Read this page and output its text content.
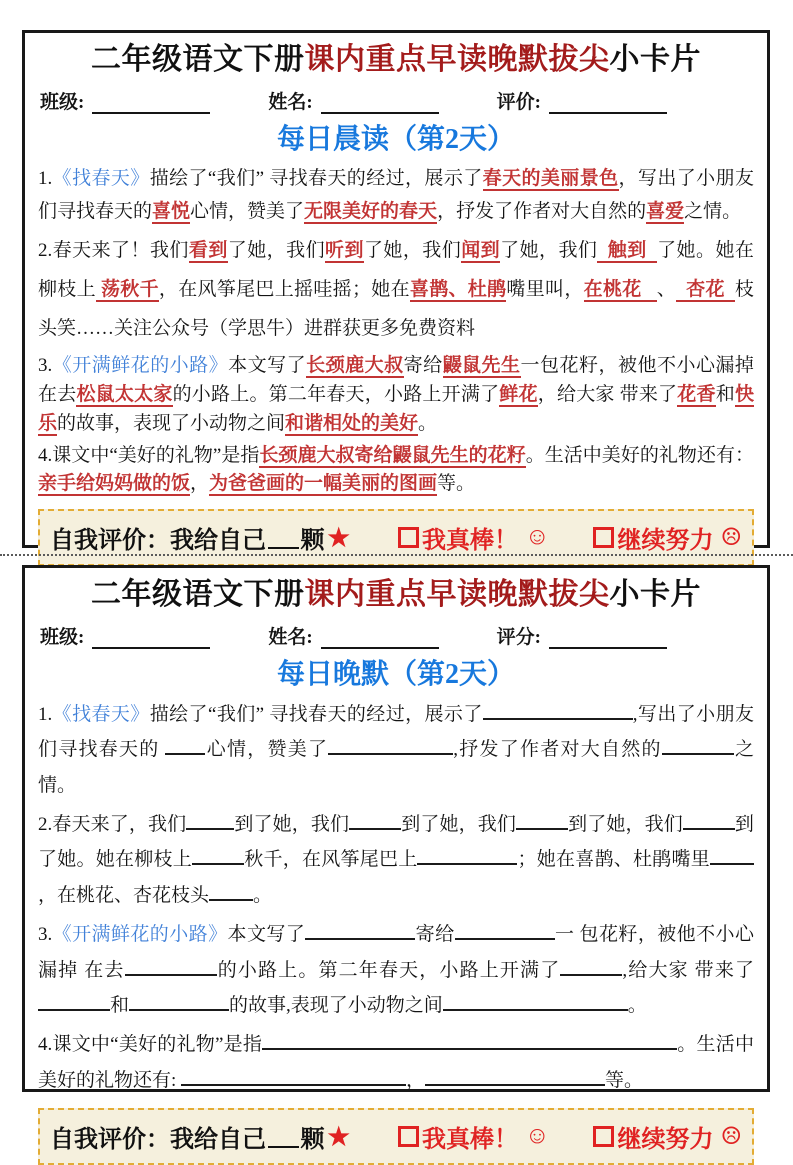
二年级语文下册课内重点早读晚默拔尖小卡片
班级:	姓名:	评价:
每日晨读（第2天）
1.《找春天》描绘了“我们” 寻找春天的经过，展示了春天的美丽景色，写出了小朋友们寻找春天的喜悦心情，赞美了无限美好的春天，抒发了作者对大自然的喜爱之情。
2.春天来了！我们看到了她，我们听到了她，我们闻到了她，我们  触到  了她。她在柳枝上 荡秋千，在风筝尾巴上摇哇摇；她在喜鹊、杜鹃嘴里叫，在桃花   、  杏花  枝头笑……关注公众号（学思牛）进群获更多免费资料
3.《开满鲜花的小路》本文写了长颈鹿大叔寄给鼹鼠先生一包花籽，被他不小心漏掉在去松鼠太太家的小路上。第二年春天，小路上开满了鲜花，给大家 带来了花香和快乐的故事，表现了小动物之间和谐相处的美好。
4.课文中“美好的礼物”是指长颈鹿大叔寄给鼹鼠先生的花籽。生活中美好的礼物还有：亲手给妈妈做的饭，为爸爸画的一幅美丽的图画等。
自我评价：我给自己 颗 ★	我真棒！ ☺	继续努力 ☹
二年级语文下册课内重点早读晚默拔尖小卡片
班级:	姓名:	评分:
每日晚默（第2天）
1.《找春天》描绘了“我们” 寻找春天的经过，展示了	,写出了小朋友们寻找春天的 心情，赞美了	,抒发了作者对大自然的	之情。
2.春天来了，我们	到了她，我们	到了她，我们	到了她，我们	到了她。她在柳枝上	秋千，在风筝尾巴上	；她在喜鹊、杜鹃嘴里，在桃花、杏花枝头 。
3.《开满鲜花的小路》本文写了	寄给	一 包花籽，被他不小心漏掉 在去	的小路上。第二年春天，小路上开满了	,给大家 带来了和	的故事,表现了小动物之间	。
4.课文中“美好的礼物”是指	。生活中美好的礼物还有:	，	等。
自我评价：我给自己 颗 ★	我真棒！ ☺	继续努力 ☹
